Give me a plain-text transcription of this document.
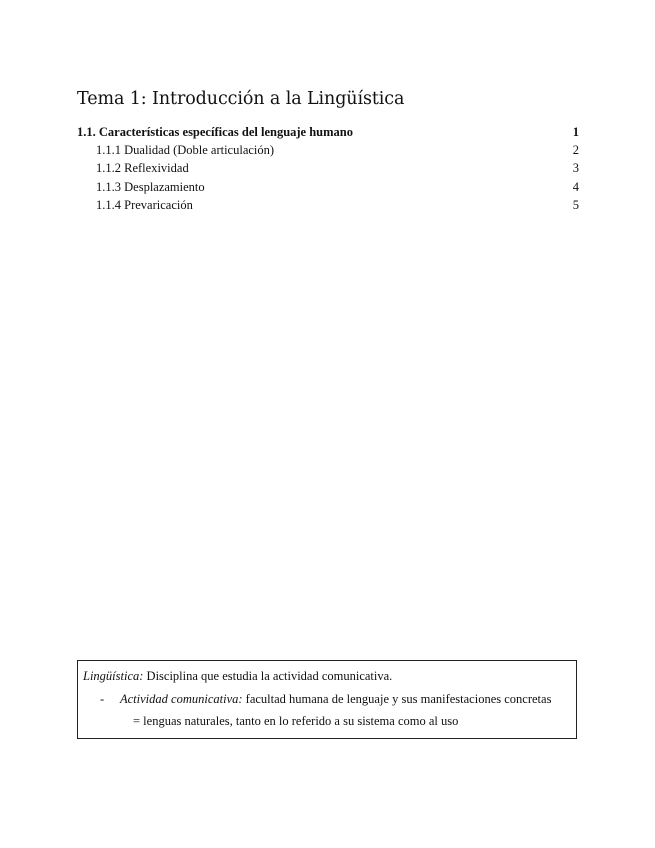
Tema 1: Introducción a la Lingüística
1.1. Características específicas del lenguaje humano	1
1.1.1 Dualidad (Doble articulación)	2
1.1.2 Reflexividad	3
1.1.3 Desplazamiento	4
1.1.4 Prevaricación	5
Lingüística: Disciplina que estudia la actividad comunicativa.
- Actividad comunicativa: facultad humana de lenguaje y sus manifestaciones concretas
= lenguas naturales, tanto en lo referido a su sistema como al uso
